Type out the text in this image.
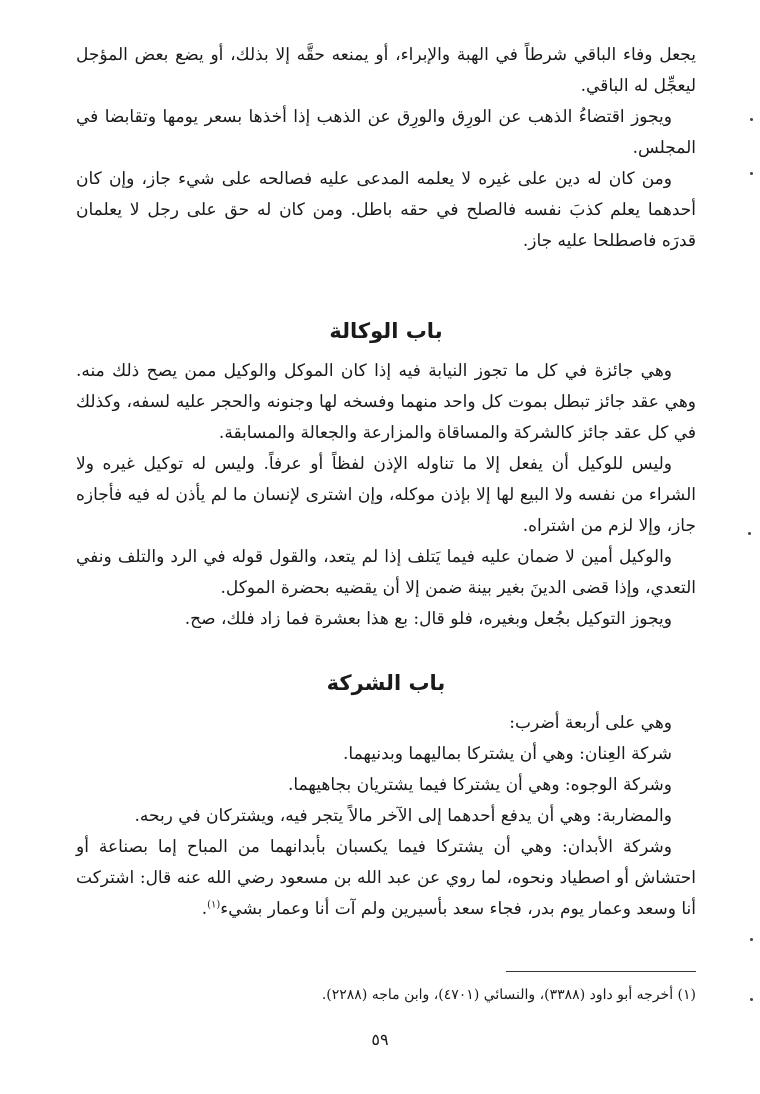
يجعل وفاء الباقي شرطاً في الهبة والإبراء، أو يمنعه حقَّه إلا بذلك، أو يضع بعض المؤجل ليعجِّل له الباقي.

ويجوز اقتضاءُ الذهب عن الورِق والورِق عن الذهب إذا أخذها بسعر يومها وتقابضا في المجلس.

ومن كان له دين على غيره لا يعلمه المدعى عليه فصالحه على شيء جاز، وإن كان أحدهما يعلم كذبَ نفسه فالصلح في حقه باطل. ومن كان له حق على رجل لا يعلمان قدرَه فاصطلحا عليه جاز.

باب الوكالة

وهي جائزة في كل ما تجوز النيابة فيه إذا كان الموكل والوكيل ممن يصح ذلك منه. وهي عقد جائز تبطل بموت كل واحد منهما وفسخه لها وجنونه والحجر عليه لسفه، وكذلك في كل عقد جائز كالشركة والمساقاة والمزارعة والجعالة والمسابقة.

وليس للوكيل أن يفعل إلا ما تناوله الإذن لفظاً أو عرفاً. وليس له توكيل غيره ولا الشراء من نفسه ولا البيع لها إلا بإذن موكله، وإن اشترى لإنسان ما لم يأذن له فيه فأجازه جاز، وإلا لزم من اشتراه.

والوكيل أمين لا ضمان عليه فيما يَتلف إذا لم يتعد، والقول قوله في الرد والتلف ونفي التعدي، وإذا قضى الدينَ بغير بينة ضمن إلا أن يقضيه بحضرة الموكل.

ويجوز التوكيل بجُعل وبغيره، فلو قال: بع هذا بعشرة فما زاد فلك، صح.

باب الشركة

وهي على أربعة أضرب:

شركة العِنان: وهي أن يشتركا بماليهما وبدنيهما.

وشركة الوجوه: وهي أن يشتركا فيما يشتريان بجاهيهما.

والمضاربة: وهي أن يدفع أحدهما إلى الآخر مالاً يتجر فيه، ويشتركان في ربحه.

وشركة الأبدان: وهي أن يشتركا فيما يكسبان بأبدانهما من المباح إما بصناعة أو احتشاش أو اصطياد ونحوه، لما روي عن عبد الله بن مسعود رضي الله عنه قال: اشتركت أنا وسعد وعمار يوم بدر، فجاء سعد بأسيرين ولم آت أنا وعمار بشيء$^{(١)}$.

(١) أخرجه أبو داود (٣٣٨٨)، والنسائي (٤٧٠١)، وابن ماجه (٢٢٨٨).
٥٩
